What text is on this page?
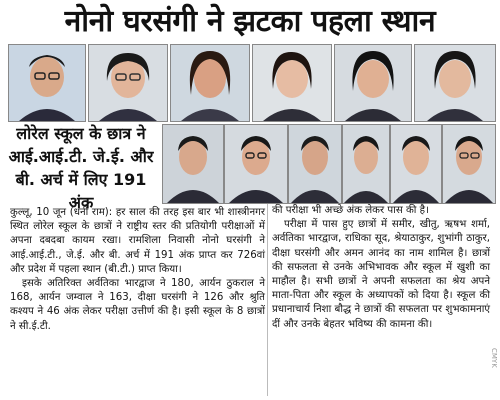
नोनो घरसंगी ने झटका पहला स्थान
लोरेल स्कूल के छात्र ने आई.आई.टी. जे.ई. और बी. अर्च में लिए 191 अंक

कुल्लू, 10 जून (धनी राम): हर साल की तरह इस बार भी शास्त्रीनगर स्थित लोरेल स्कूल के छात्रों ने राष्ट्रीय स्तर की प्रतियोगी परीक्षाओं में अपना दबदबा कायम रखा। रामशिला निवासी नोनो घरसंगी ने आई.आई.टी., जे.ई. और बी. अर्च में 191 अंक प्राप्त कर 726वां और प्रदेश में पहला स्थान (बी.टी.) प्राप्त किया।

इसके अतिरिक्त अर्वतिका भारद्वाज ने 180, आर्यन ठुकराल ने 168, आर्यन जम्वाल ने 163, दीक्षा घरसंगी ने 126 और श्रुति कश्यप ने 46 अंक लेकर परीक्षा उत्तीर्ण की है। इसी स्कूल के 8 छात्रों ने सी.ई.टी.

की परीक्षा भी अच्छे अंक लेकर पास की है।

परीक्षा में पास हुए छात्रों में समीर, खीतु, ऋषभ शर्मा, अर्वतिका भारद्वाज, राधिका सूद, श्रेयाठाकुर, शुभांगी ठाकुर, दीक्षा घरसंगी और अमन आनंद का नाम शामिल है। छात्रों की सफलता से उनके अभिभावक और स्कूल में खुशी का माहौल है। सभी छात्रों ने अपनी सफलता का श्रेय अपने माता-पिता और स्कूल के अध्यापकों को दिया है। स्कूल की प्रधानाचार्य निशा बौद्ध ने छात्रों की सफलता पर शुभकामनाएं दीं और उनके बेहतर भविष्य की कामना की।

CMYK
